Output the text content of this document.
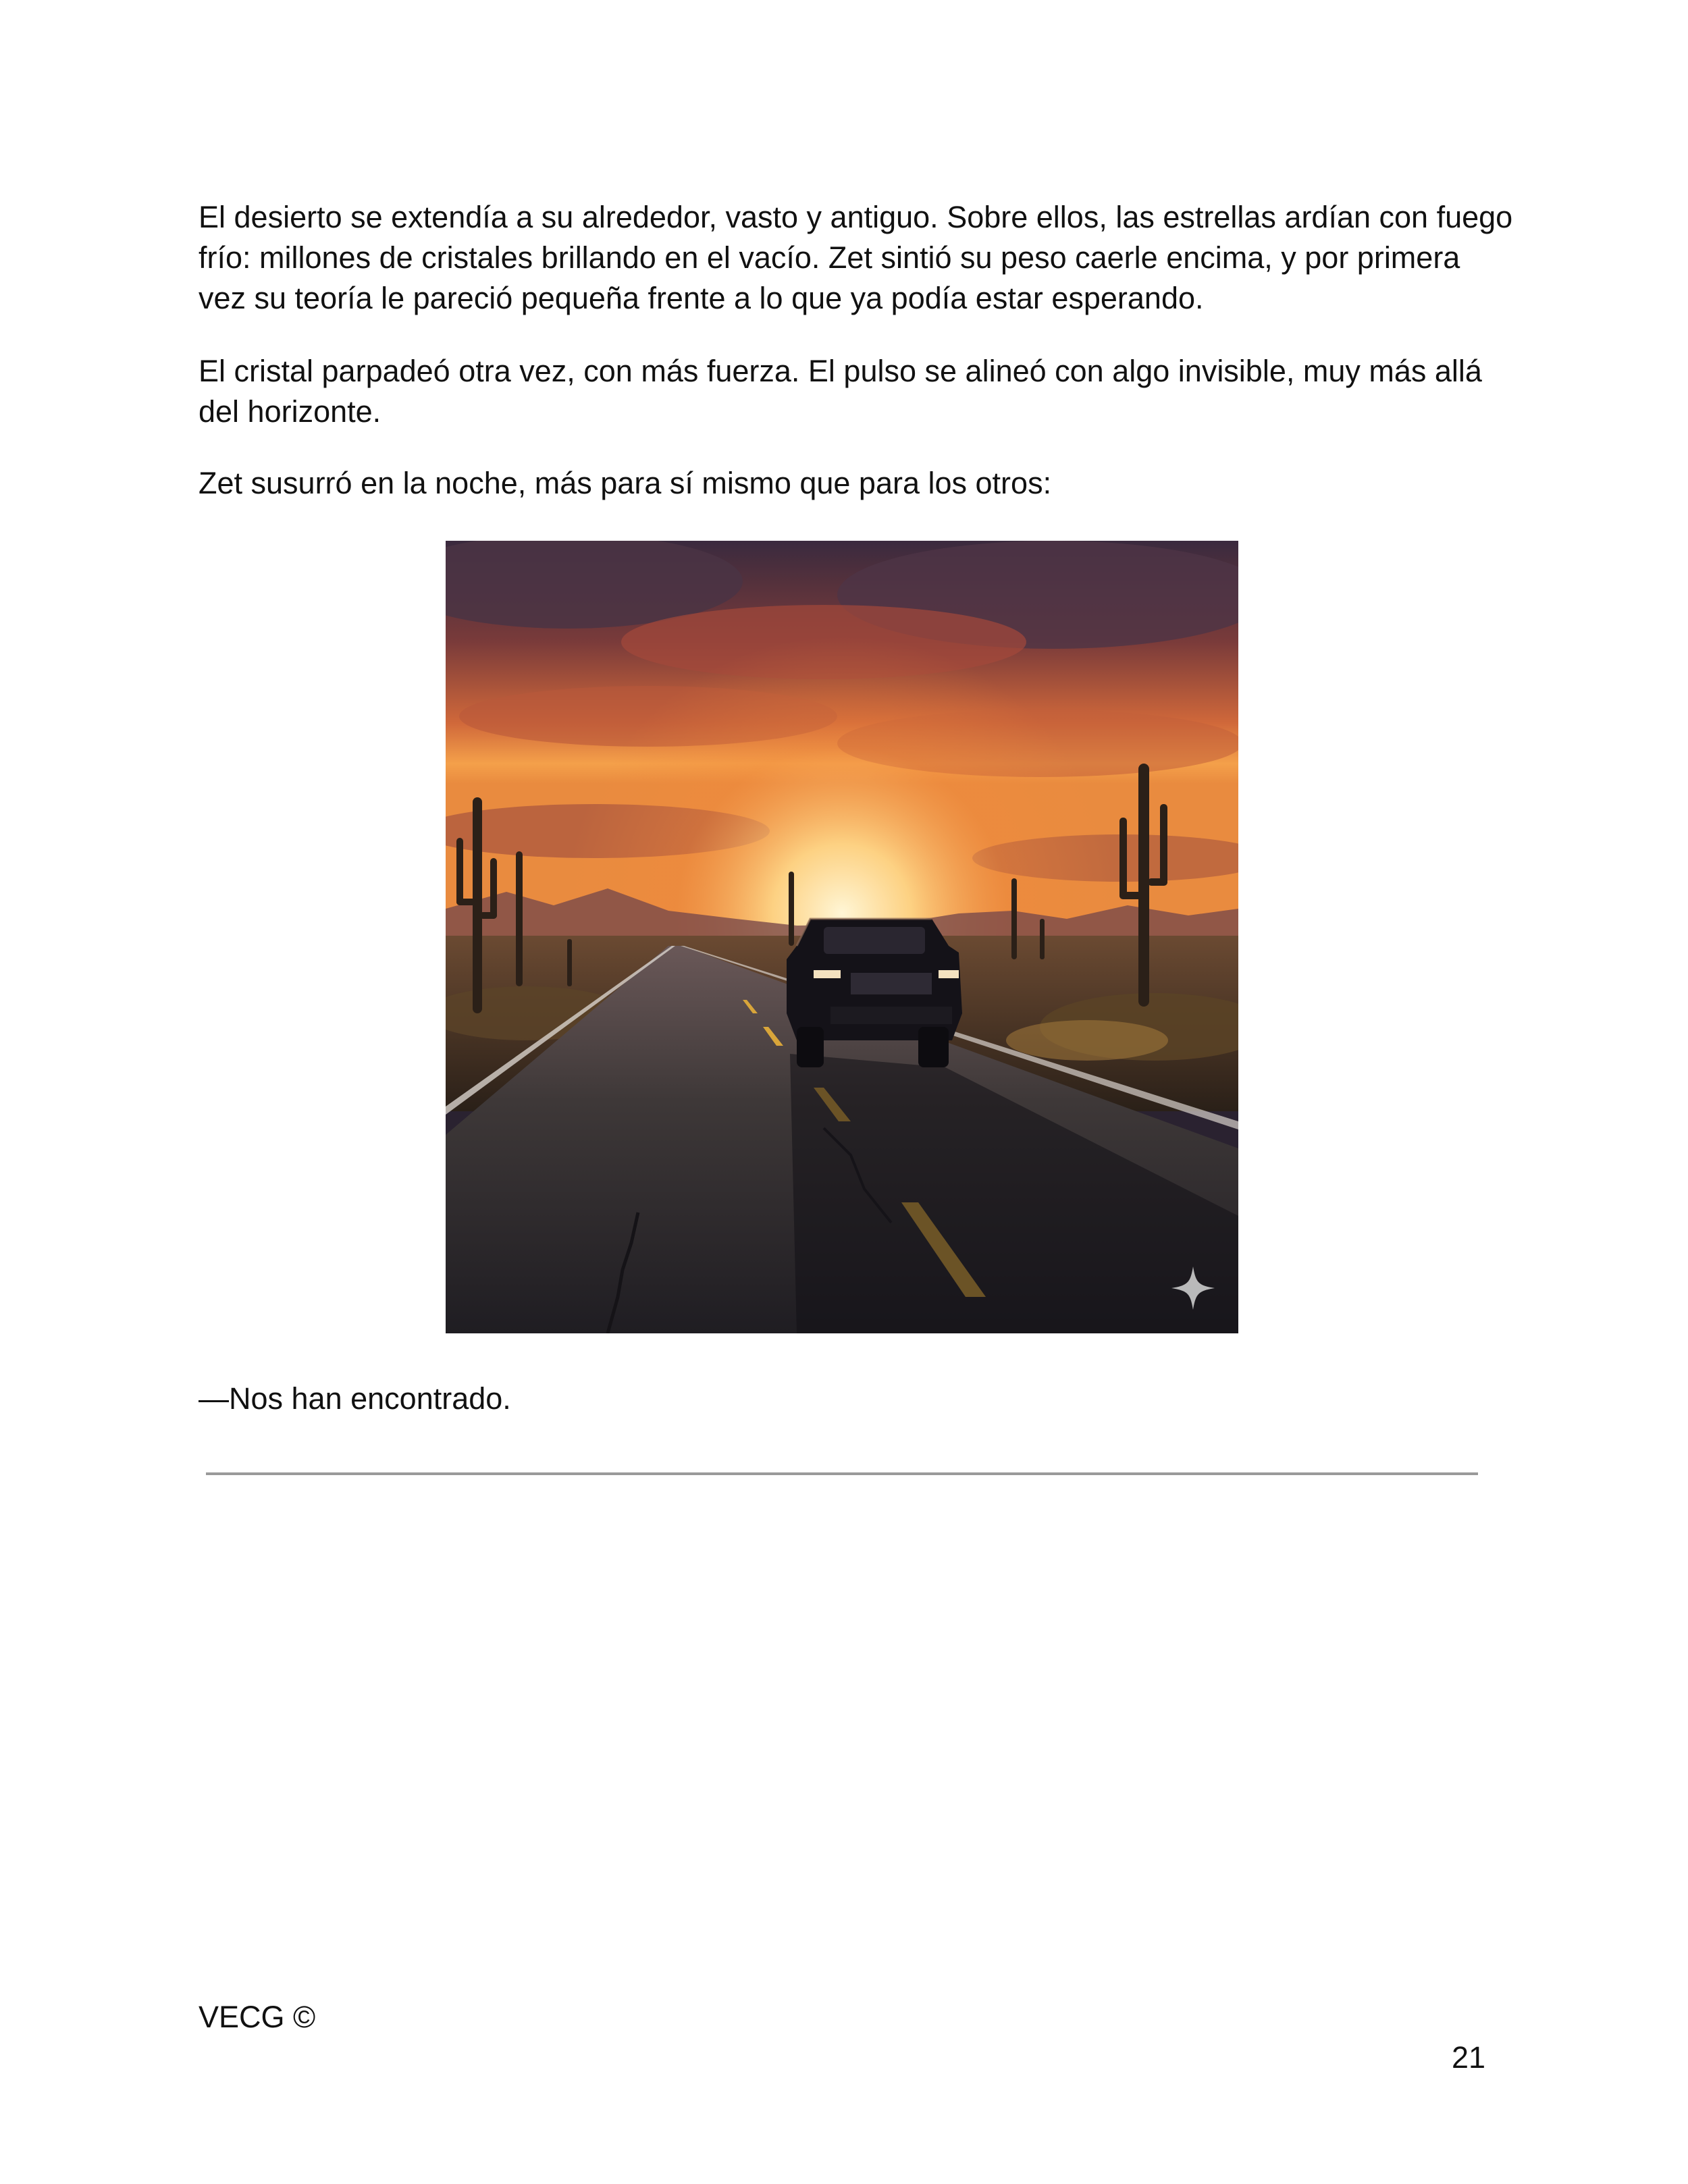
El desierto se extendía a su alrededor, vasto y antiguo. Sobre ellos, las estrellas ardían con fuego frío: millones de cristales brillando en el vacío. Zet sintió su peso caerle encima, y por primera vez su teoría le pareció pequeña frente a lo que ya podía estar esperando.

El cristal parpadeó otra vez, con más fuerza. El pulso se alineó con algo invisible, muy más allá del horizonte.

Zet susurró en la noche, más para sí mismo que para los otros:

—Nos han encontrado.

VECG ©
21
